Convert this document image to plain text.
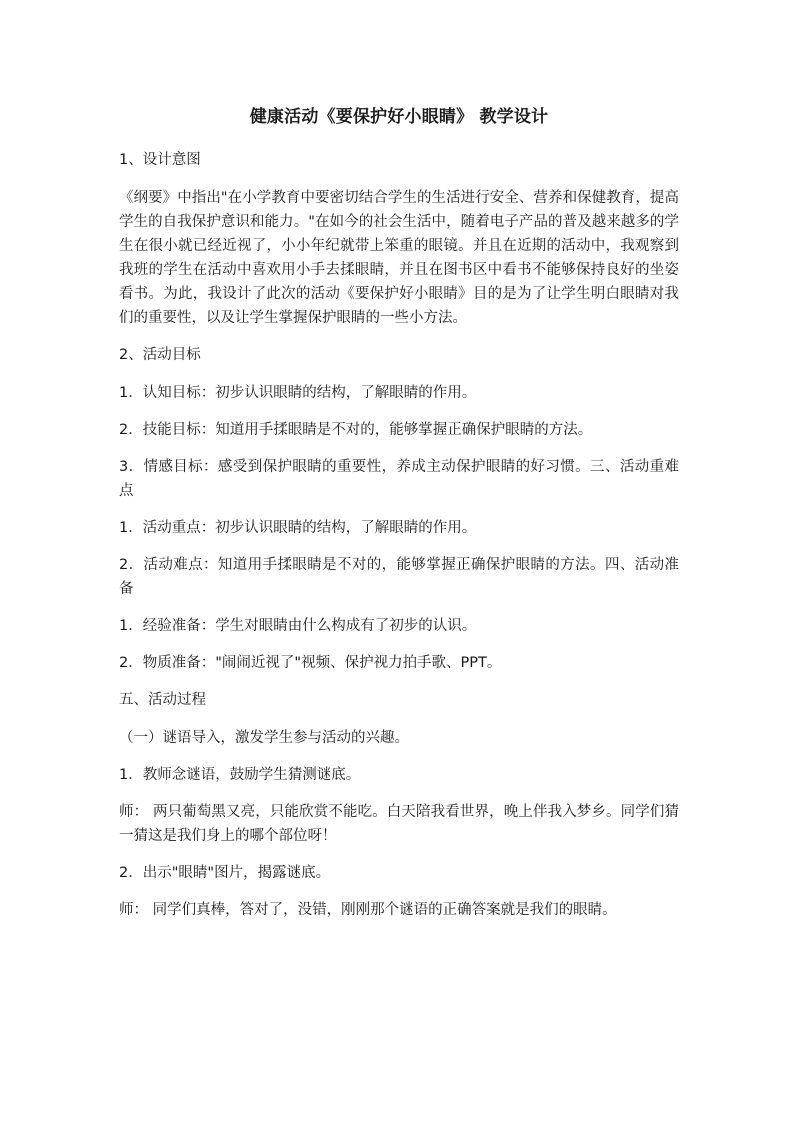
健康活动《要保护好小眼睛》 教学设计
1、设计意图
《纲要》中指出"在小学教育中要密切结合学生的生活进行安全、营养和保健教育，提高学生的自我保护意识和能力。"在如今的社会生活中，随着电子产品的普及越来越多的学生在很小就已经近视了，小小年纪就带上笨重的眼镜。并且在近期的活动中，我观察到我班的学生在活动中喜欢用小手去揉眼睛，并且在图书区中看书不能够保持良好的坐姿看书。为此，我设计了此次的活动《要保护好小眼睛》目的是为了让学生明白眼睛对我们的重要性，以及让学生掌握保护眼睛的一些小方法。
2、活动目标
1．认知目标：初步认识眼睛的结构，了解眼睛的作用。
2．技能目标：知道用手揉眼睛是不对的，能够掌握正确保护眼睛的方法。
3．情感目标：感受到保护眼睛的重要性，养成主动保护眼睛的好习惯。三、活动重难点
1．活动重点：初步认识眼睛的结构，了解眼睛的作用。
2．活动难点：知道用手揉眼睛是不对的，能够掌握正确保护眼睛的方法。四、活动准备
1．经验准备：学生对眼睛由什么构成有了初步的认识。
2．物质准备："闹闹近视了"视频、保护视力拍手歌、PPT。
五、活动过程
（一）谜语导入，激发学生参与活动的兴趣。
1．教师念谜语，鼓励学生猜测谜底。
师： 两只葡萄黑又亮，只能欣赏不能吃。白天陪我看世界，晚上伴我入梦乡。同学们猜一猜这是我们身上的哪个部位呀！
2．出示"眼睛"图片，揭露谜底。
师： 同学们真棒，答对了，没错，刚刚那个谜语的正确答案就是我们的眼睛。
